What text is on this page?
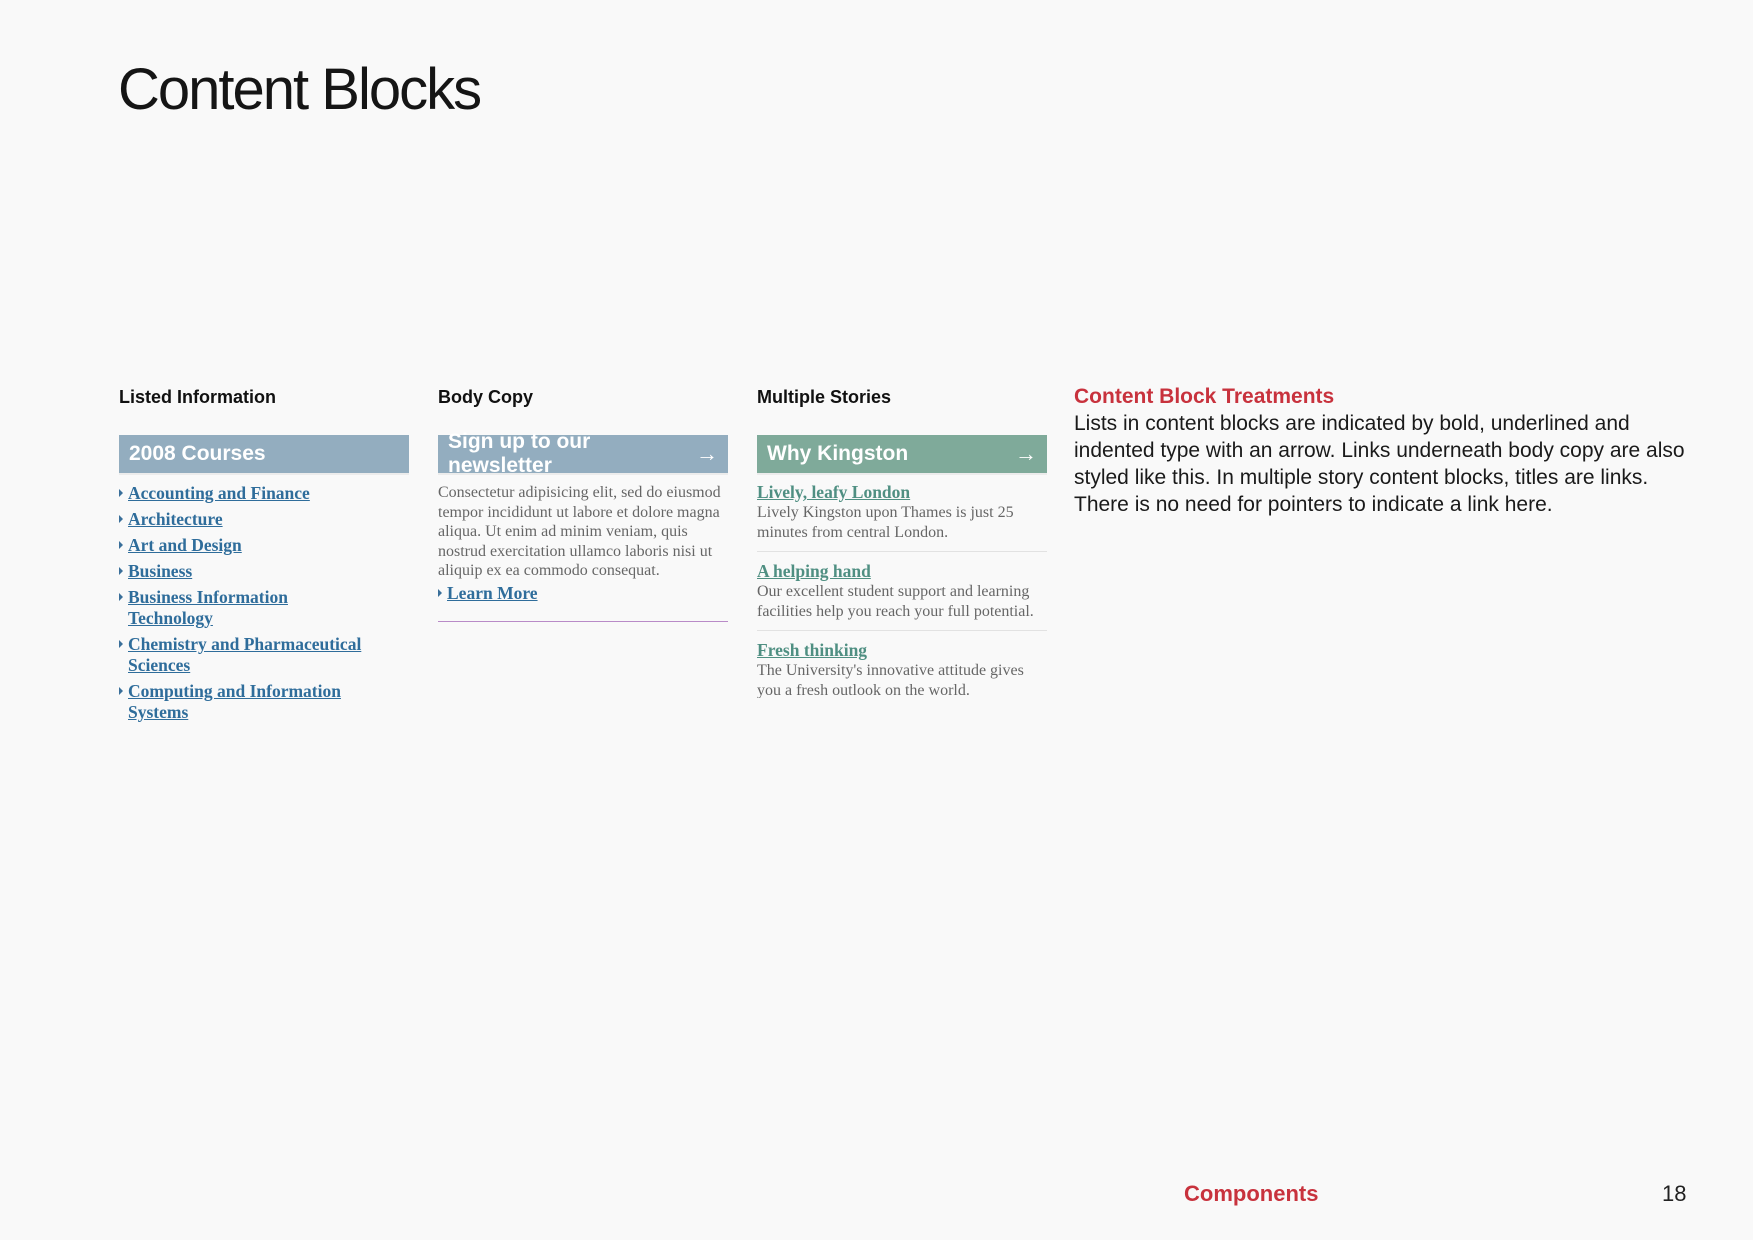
Content Blocks
Listed Information
2008 Courses
Accounting and Finance
Architecture
Art and Design
Business
Business Information Technology
Chemistry and Pharmaceutical Sciences
Computing and Information Systems
Body Copy
Sign up to our newsletter	→

Consectetur adipisicing elit, sed do eiusmod tempor incididunt ut labore et dolore magna aliqua. Ut enim ad minim veniam, quis nostrud exercitation ullamco laboris nisi ut aliquip ex ea commodo consequat.

Learn More
Multiple Stories
Why Kingston	→
Lively, leafy London

Lively Kingston upon Thames is just 25 minutes from central London.

A helping hand

Our excellent student support and learning facilities help you reach your full potential.

Fresh thinking

The University's innovative attitude gives you a fresh outlook on the world.

Content Block Treatments

Lists in content blocks are indicated by bold, underlined and indented type with an arrow. Links underneath body copy are also styled like this. In multiple story content blocks, titles are links. There is no need for pointers to indicate a link here.

Components	18
